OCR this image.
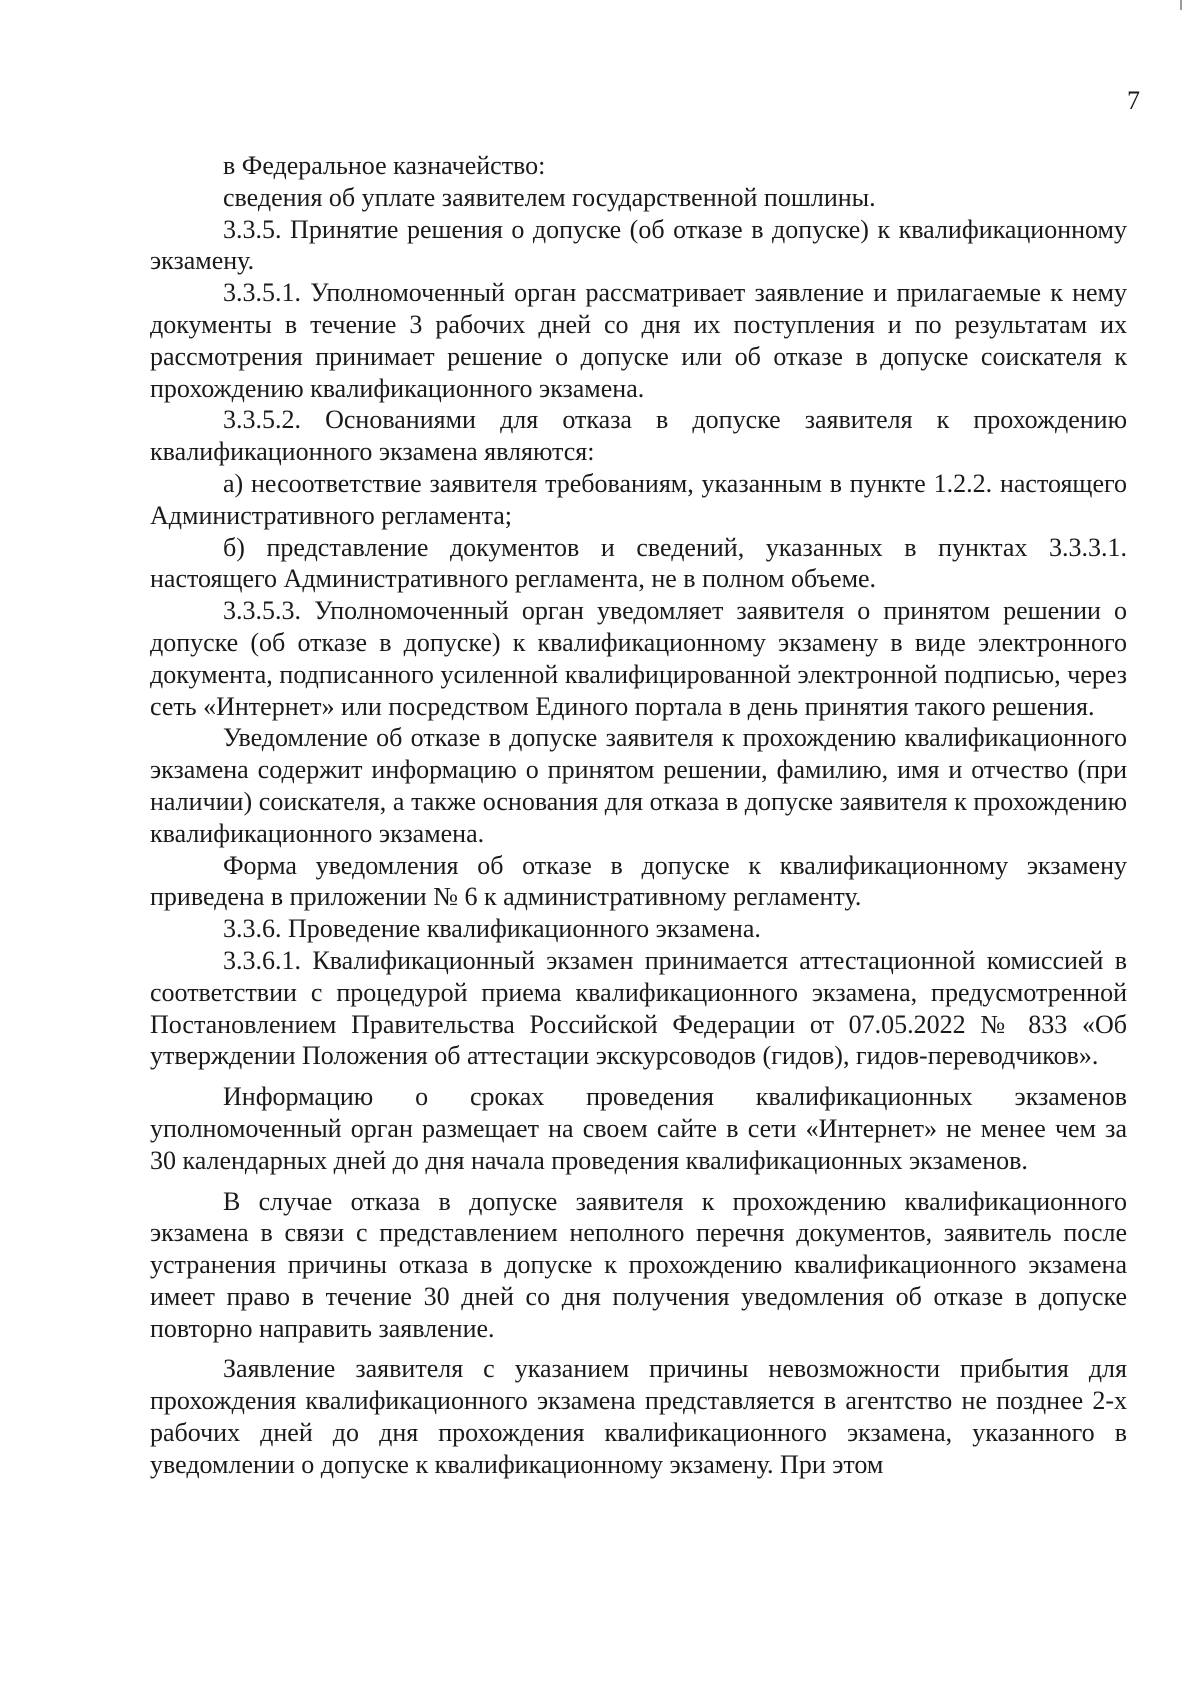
7

в Федеральное казначейство:

сведения об уплате заявителем государственной пошлины.

3.3.5. Принятие решения о допуске (об отказе в допуске) к квалификационному экзамену.

3.3.5.1. Уполномоченный орган рассматривает заявление и прилагаемые к нему документы в течение 3 рабочих дней со дня их поступления и по результатам их рассмотрения принимает решение о допуске или об отказе в допуске соискателя к прохождению квалификационного экзамена.

3.3.5.2. Основаниями для отказа в допуске заявителя к прохождению квалификационного экзамена являются:

а) несоответствие заявителя требованиям, указанным в пункте 1.2.2. настоящего Административного регламента;

б) представление документов и сведений, указанных в пунктах 3.3.3.1. настоящего Административного регламента, не в полном объеме.

3.3.5.3. Уполномоченный орган уведомляет заявителя о принятом решении о допуске (об отказе в допуске) к квалификационному экзамену в виде электронного документа, подписанного усиленной квалифицированной электронной подписью, через сеть «Интернет» или посредством Единого портала в день принятия такого решения.

Уведомление об отказе в допуске заявителя к прохождению квалификационного экзамена содержит информацию о принятом решении, фамилию, имя и отчество (при наличии) соискателя, а также основания для отказа в допуске заявителя к прохождению квалификационного экзамена.

Форма уведомления об отказе в допуске к квалификационному экзамену приведена в приложении № 6 к административному регламенту.

3.3.6. Проведение квалификационного экзамена.

3.3.6.1. Квалификационный экзамен принимается аттестационной комиссией в соответствии с процедурой приема квалификационного экзамена, предусмотренной Постановлением Правительства Российской Федерации от 07.05.2022 № 833 «Об утверждении Положения об аттестации экскурсоводов (гидов), гидов-переводчиков».

Информацию о сроках проведения квалификационных экзаменов уполномоченный орган размещает на своем сайте в сети «Интернет» не менее чем за 30 календарных дней до дня начала проведения квалификационных экзаменов.

В случае отказа в допуске заявителя к прохождению квалификационного экзамена в связи с представлением неполного перечня документов, заявитель после устранения причины отказа в допуске к прохождению квалификационного экзамена имеет право в течение 30 дней со дня получения уведомления об отказе в допуске повторно направить заявление.

Заявление заявителя с указанием причины невозможности прибытия для прохождения квалификационного экзамена представляется в агентство не позднее 2-х рабочих дней до дня прохождения квалификационного экзамена, указанного в уведомлении о допуске к квалификационному экзамену. При этом
